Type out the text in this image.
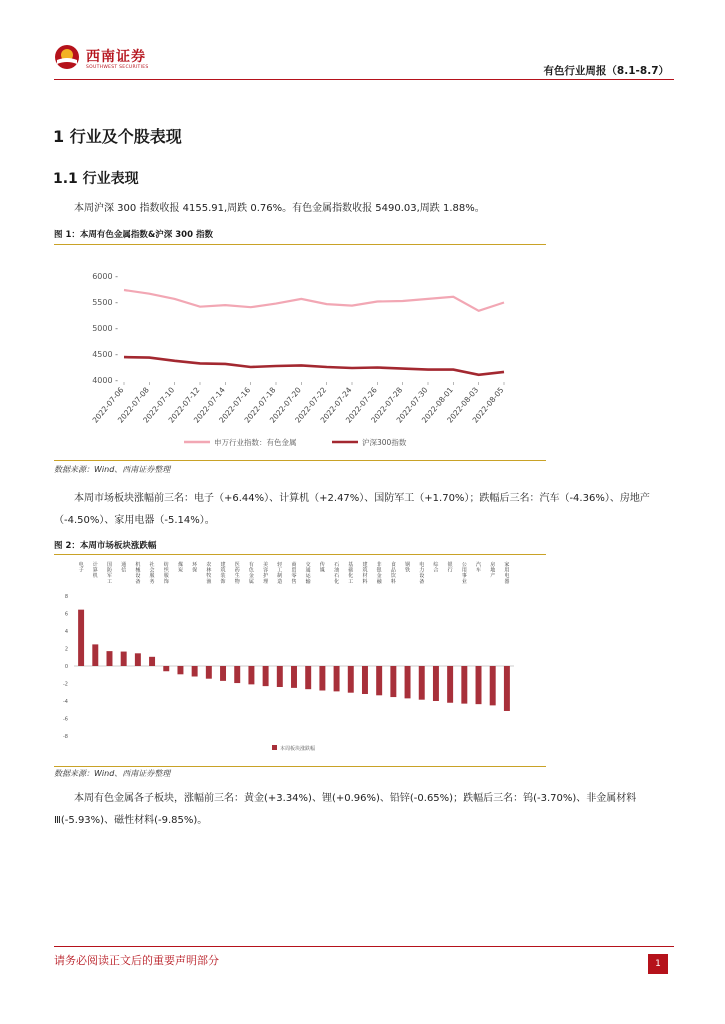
西南证券
SOUTHWEST SECURITIES	有色行业周报（8.1-8.7）
1 行业及个股表现
1.1 行业表现
本周沪深 300 指数收报 4155.91,周跌 0.76%。有色金属指数收报 5490.03,周跌 1.88%。
图 1：本周有色金属指数&沪深 300 指数
4000 -
4500 -
5000 -
5500 -
6000 -
2022-07-06
2022-07-08
2022-07-10
2022-07-12
2022-07-14
2022-07-16
2022-07-18
2022-07-20
2022-07-22
2022-07-24
2022-07-26
2022-07-28
2022-07-30
2022-08-01
2022-08-03
2022-08-05
申万行业指数：有色金属	沪深300指数
数据来源：Wind、西南证券整理
本周市场板块涨幅前三名：电子（+6.44%）、计算机（+2.47%）、国防军工（+1.70%）；跌幅后三名：汽车（-4.36%）、房地产（-4.50%）、家用电器（-5.14%）。
图 2：本周市场板块涨跌幅
-8
-6
-4
-2
0
2
4
6
8
电子
计算机
国防军工
通信
机械设备
社会服务
纺织服饰
煤炭
环保
农林牧渔
建筑装饰
医药生物
有色金属
美容护理
轻工制造
商贸零售
交通运输
传媒
石油石化
基础化工
建筑材料
非银金融
食品饮料
钢铁
电力设备
综合
银行
公用事业
汽车
房地产
家用电器
本周板块涨跌幅
数据来源：Wind、西南证券整理
本周有色金属各子板块，涨幅前三名：黄金(+3.34%)、锂(+0.96%)、铅锌(-0.65%)；跌幅后三名：钨(-3.70%)、非金属材料Ⅲ(-5.93%)、磁性材料(-9.85%)。
请务必阅读正文后的重要声明部分	1
